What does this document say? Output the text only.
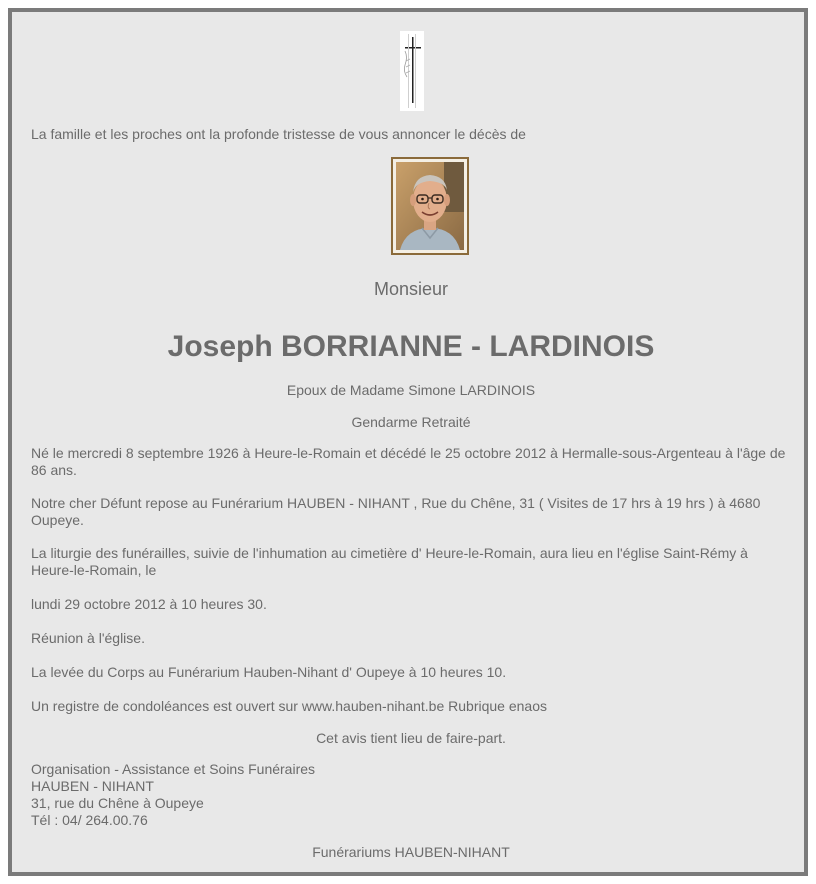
La famille et les proches ont la profonde tristesse de vous annoncer le décès de

Monsieur

Joseph BORRIANNE - LARDINOIS

Epoux de Madame Simone LARDINOIS

Gendarme Retraité

Né le mercredi 8 septembre 1926 à Heure-le-Romain et décédé le 25 octobre 2012 à Hermalle-sous-Argenteau à l'âge de 86 ans.

Notre cher Défunt repose au Funérarium HAUBEN - NIHANT , Rue du Chêne, 31 ( Visites de 17 hrs à 19 hrs ) à 4680 Oupeye.

La liturgie des funérailles, suivie de l'inhumation au cimetière d' Heure-le-Romain, aura lieu en l'église Saint-Rémy à Heure-le-Romain, le

lundi 29 octobre 2012 à 10 heures 30.

Réunion à l'église.

La levée du Corps au Funérarium Hauben-Nihant d' Oupeye à 10 heures 10.

Un registre de condoléances est ouvert sur www.hauben-nihant.be Rubrique enaos

Cet avis tient lieu de faire-part.

Organisation - Assistance et Soins Funéraires
HAUBEN - NIHANT
31, rue du Chêne à Oupeye
Tél : 04/ 264.00.76

Funérariums HAUBEN-NIHANT
